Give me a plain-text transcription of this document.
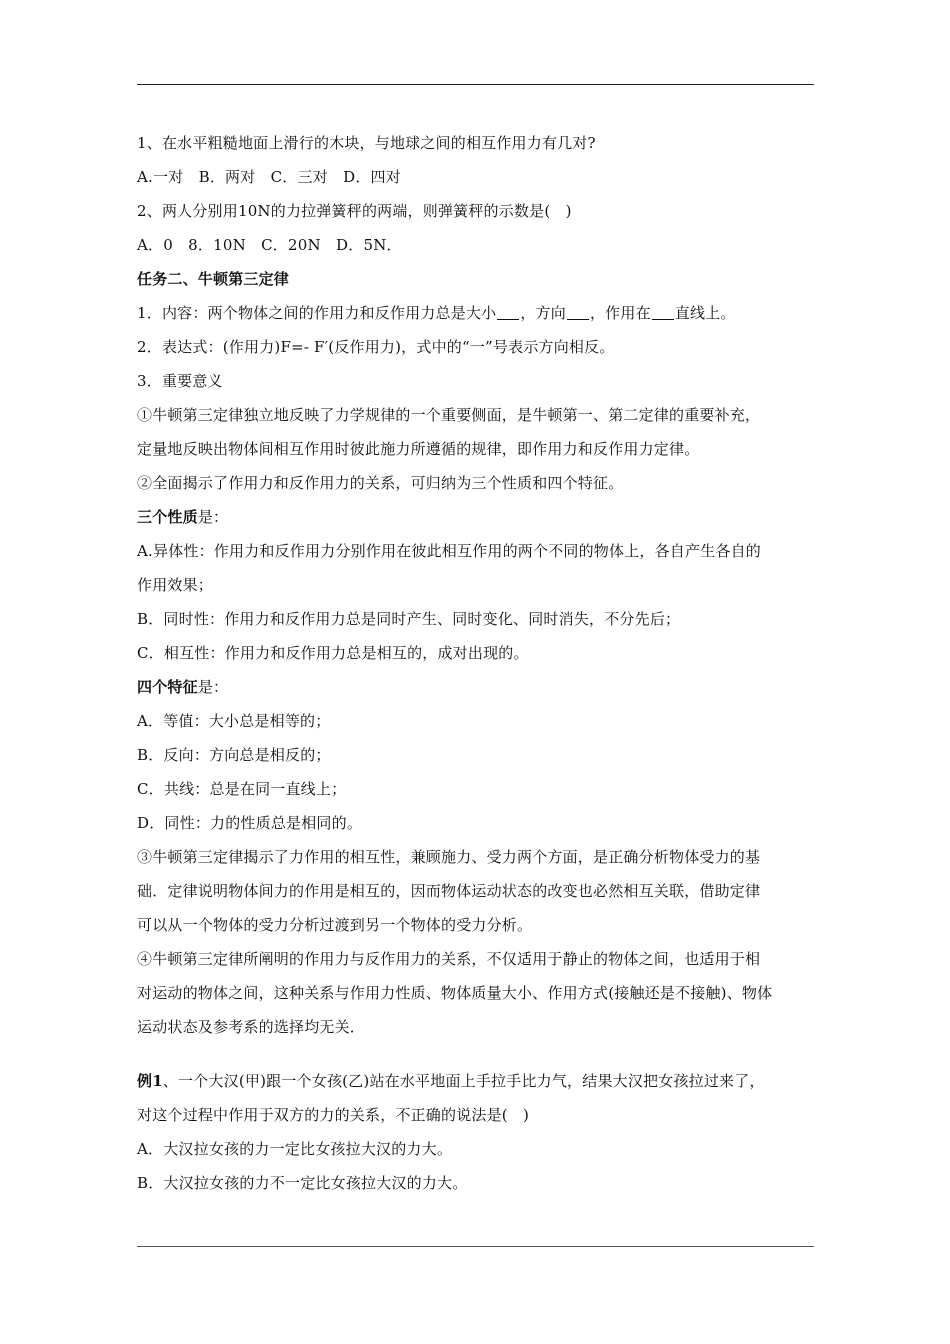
1、在水平粗糙地面上滑行的木块，与地球之间的相互作用力有几对?
A.一对　B．两对　C．三对　D．四对
2、两人分别用10N的力拉弹簧秤的两端，则弹簧秤的示数是(　)
A．0　8．10N　C．20N　D．5N．
任务二、牛顿第三定律
1．内容：两个物体之间的作用力和反作用力总是大小 ，方向 ，作用在 直线上。
2．表达式：(作用力)F=- F′(反作用力)，式中的“一”号表示方向相反。
3．重要意义
①牛顿第三定律独立地反映了力学规律的一个重要侧面，是牛顿第一、第二定律的重要补充，
定量地反映出物体间相互作用时彼此施力所遵循的规律，即作用力和反作用力定律。
②全面揭示了作用力和反作用力的关系，可归纳为三个性质和四个特征。
三个性质是：
A.异体性：作用力和反作用力分别作用在彼此相互作用的两个不同的物体上，各自产生各自的
作用效果；
B．同时性：作用力和反作用力总是同时产生、同时变化、同时消失，不分先后；
C．相互性：作用力和反作用力总是相互的，成对出现的。
四个特征是：
A．等值：大小总是相等的；
B．反向：方向总是相反的；
C．共线：总是在同一直线上；
D．同性：力的性质总是相同的。
③牛顿第三定律揭示了力作用的相互性，兼顾施力、受力两个方面，是正确分析物体受力的基
础．定律说明物体间力的作用是相互的，因而物体运动状态的改变也必然相互关联，借助定律
可以从一个物体的受力分析过渡到另一个物体的受力分析。
④牛顿第三定律所阐明的作用力与反作用力的关系，不仅适用于静止的物体之间，也适用于相
对运动的物体之间，这种关系与作用力性质、物体质量大小、作用方式(接触还是不接触)、物体
运动状态及参考系的选择均无关．
例1、一个大汉(甲)跟一个女孩(乙)站在水平地面上手拉手比力气，结果大汉把女孩拉过来了，
对这个过程中作用于双方的力的关系，不正确的说法是(　)
A．大汉拉女孩的力一定比女孩拉大汉的力大。
B．大汉拉女孩的力不一定比女孩拉大汉的力大。
